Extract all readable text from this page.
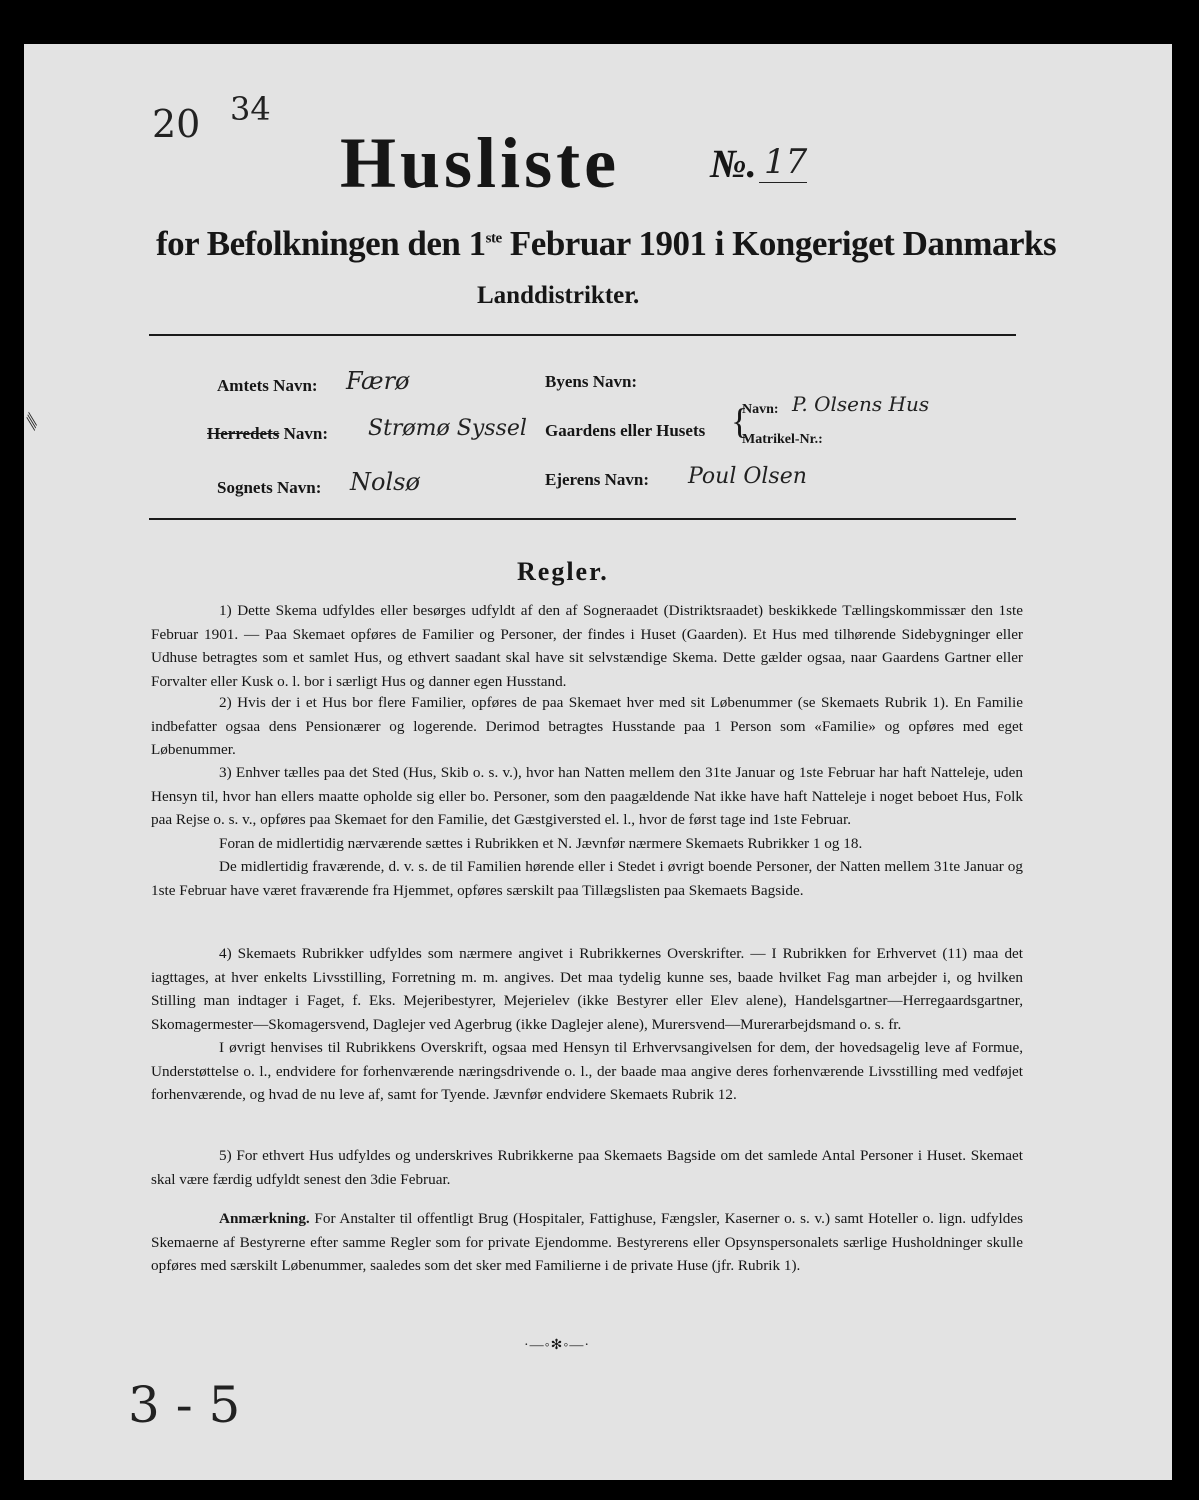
20 34
Husliste №. 17
for Befolkningen den 1ste Februar 1901 i Kongeriget Danmarks
Landdistrikter.
⁄⁄⁄
Amtets Navn: Færø
Herredets Navn: Strømø Syssel
Sognets Navn: Nolsø
Byens Navn:
Gaardens eller Husets {
Navn: P. Olsens Hus
Matrikel-Nr.:
Ejerens Navn: Poul Olsen
Regler.

1) Dette Skema udfyldes eller besørges udfyldt af den af Sogneraadet (Distriktsraadet) beskikkede Tællingskommissær den 1ste Februar 1901. — Paa Skemaet opføres de Familier og Personer, der findes i Huset (Gaarden). Et Hus med tilhørende Sidebygninger eller Udhuse betragtes som et samlet Hus, og ethvert saadant skal have sit selvstændige Skema. Dette gælder ogsaa, naar Gaardens Gartner eller Forvalter eller Kusk o. l. bor i særligt Hus og danner egen Husstand.

2) Hvis der i et Hus bor flere Familier, opføres de paa Skemaet hver med sit Løbenummer (se Skemaets Rubrik 1). En Familie indbefatter ogsaa dens Pensionærer og logerende. Derimod betragtes Husstande paa 1 Person som «Familie» og opføres med eget Løbenummer.

3) Enhver tælles paa det Sted (Hus, Skib o. s. v.), hvor han Natten mellem den 31te Januar og 1ste Februar har haft Natteleje, uden Hensyn til, hvor han ellers maatte opholde sig eller bo. Personer, som den paagældende Nat ikke have haft Natteleje i noget beboet Hus, Folk paa Rejse o. s. v., opføres paa Skemaet for den Familie, det Gæstgiversted el. l., hvor de først tage ind 1ste Februar.

Foran de midlertidig nærværende sættes i Rubrikken et N. Jævnfør nærmere Skemaets Rubrikker 1 og 18.

De midlertidig fraværende, d. v. s. de til Familien hørende eller i Stedet i øvrigt boende Personer, der Natten mellem 31te Januar og 1ste Februar have været fraværende fra Hjemmet, opføres særskilt paa Tillægslisten paa Skemaets Bagside.

4) Skemaets Rubrikker udfyldes som nærmere angivet i Rubrikkernes Overskrifter. — I Rubrikken for Erhvervet (11) maa det iagttages, at hver enkelts Livsstilling, Forretning m. m. angives. Det maa tydelig kunne ses, baade hvilket Fag man arbejder i, og hvilken Stilling man indtager i Faget, f. Eks. Mejeribestyrer, Mejerielev (ikke Bestyrer eller Elev alene), Handelsgartner—Herregaardsgartner, Skomagermester—Skomagersvend, Daglejer ved Agerbrug (ikke Daglejer alene), Murersvend—Murerarbejdsmand o. s. fr.

I øvrigt henvises til Rubrikkens Overskrift, ogsaa med Hensyn til Erhvervsangivelsen for dem, der hovedsagelig leve af Formue, Understøttelse o. l., endvidere for forhenværende næringsdrivende o. l., der baade maa angive deres forhenværende Livsstilling med vedføjet forhenværende, og hvad de nu leve af, samt for Tyende. Jævnfør endvidere Skemaets Rubrik 12.

5) For ethvert Hus udfyldes og underskrives Rubrikkerne paa Skemaets Bagside om det samlede Antal Personer i Huset. Skemaet skal være færdig udfyldt senest den 3die Februar.

Anmærkning. For Anstalter til offentligt Brug (Hospitaler, Fattighuse, Fængsler, Kaserner o. s. v.) samt Hoteller o. lign. udfyldes Skemaerne af Bestyrerne efter samme Regler som for private Ejendomme. Bestyrerens eller Opsynspersonalets særlige Husholdninger skulle opføres med særskilt Løbenummer, saaledes som det sker med Familierne i de private Huse (jfr. Rubrik 1).

·—◦✻◦—·
3 - 5
